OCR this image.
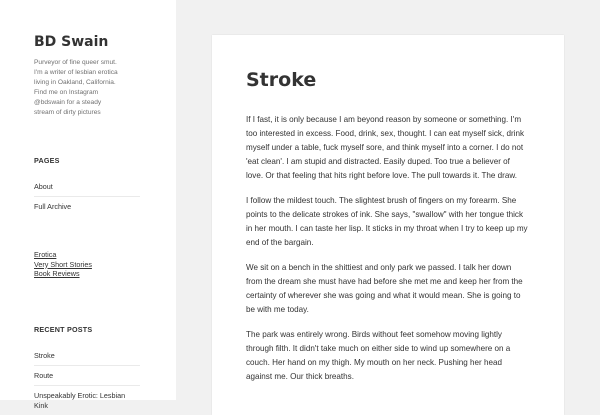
BD Swain

Purveyor of fine queer smut. I'm a writer of lesbian erotica living in Oakland, California. Find me on Instagram @bdswain for a steady stream of dirty pictures

PAGES
About
Full Archive
Erotica
Very Short Stories
Book Reviews
RECENT POSTS
Stroke
Route
Unspeakably Erotic: Lesbian Kink
Stroke

If I fast, it is only because I am beyond reason by someone or something. I'm too interested in excess. Food, drink, sex, thought. I can eat myself sick, drink myself under a table, fuck myself sore, and think myself into a corner. I do not 'eat clean'. I am stupid and distracted. Easily duped. Too true a believer of love. Or that feeling that hits right before love. The pull towards it. The draw.

I follow the mildest touch. The slightest brush of fingers on my forearm. She points to the delicate strokes of ink. She says, "swallow" with her tongue thick in her mouth. I can taste her lisp. It sticks in my throat when I try to keep up my end of the bargain.

We sit on a bench in the shittiest and only park we passed. I talk her down from the dream she must have had before she met me and keep her from the certainty of wherever she was going and what it would mean. She is going to be with me today.

The park was entirely wrong. Birds without feet somehow moving lightly through filth. It didn't take much on either side to wind up somewhere on a couch. Her hand on my thigh. My mouth on her neck. Pushing her head against me. Our thick breaths.
